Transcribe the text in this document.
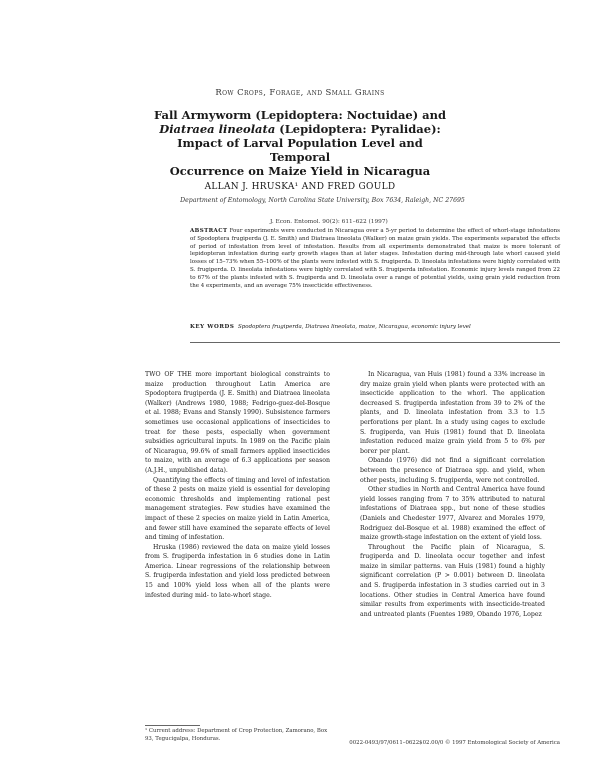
Row Crops, Forage, and Small Grains
Fall Armyworm (Lepidoptera: Noctuidae) and
Diatraea lineolata (Lepidoptera: Pyralidae):
Impact of Larval Population Level and Temporal
Occurrence on Maize Yield in Nicaragua
ALLAN J. HRUSKA¹ AND FRED GOULD
Department of Entomology, North Carolina State University, Box 7634, Raleigh, NC 27695
J. Econ. Entomol. 90(2): 611–622 (1997)
ABSTRACT Four experiments were conducted in Nicaragua over a 5-yr period to determine the effect of whorl-stage infestations of Spodoptera frugiperda (J. E. Smith) and Diatraea lineolata (Walker) on maize grain yields. The experiments separated the effects of period of infestation from level of infestation. Results from all experiments demonstrated that maize is more tolerant of lepidopteran infestation during early growth stages than at later stages. Infestation during mid-through late whorl caused yield losses of 15–73% when 55–100% of the plants were infested with S. frugiperda. D. lineolata infestations were highly correlated with S. frugiperda. D. lineolata infestations were highly correlated with S. frugiperda infestation. Economic injury levels ranged from 22 to 67% of the plants infested with S. frugiperda and D. lineolata over a range of potential yields, using grain yield reduction from the 4 experiments, and an average 75% insecticide effectiveness.
KEY WORDS Spodoptera frugiperda, Diatraea lineolata, maize, Nicaragua, economic injury level

TWO OF THE more important biological constraints to maize production throughout Latin America are Spodoptera frugiperda (J. E. Smith) and Diatraea lineolata (Walker) (Andrews 1980, 1988; Fedrigo-guez-del-Bosque et al. 1988; Evans and Stansly 1990). Subsistence farmers sometimes use occasional applications of insecticides to treat for these pests, especially when government subsidies agricultural inputs. In 1989 on the Pacific plain of Nicaragua, 99.6% of small farmers applied insecticides to maize, with an average of 6.3 applications per season (A.J.H., unpublished data).

Quantifying the effects of timing and level of infestation of these 2 pests on maize yield is essential for developing economic thresholds and implementing rational pest management strategies. Few studies have examined the impact of these 2 species on maize yield in Latin America, and fewer still have examined the separate effects of level and timing of infestation.

Hruska (1986) reviewed the data on maize yield losses from S. frugiperda infestation in 6 studies done in Latin America. Linear regressions of the relationship between S. frugiperda infestation and yield loss predicted between 15 and 100% yield loss when all of the plants were infested during mid- to late-whorl stage.

In Nicaragua, van Huis (1981) found a 33% increase in dry maize grain yield when plants were protected with an insecticide application to the whorl. The application decreased S. frugiperda infestation from 39 to 2% of the plants, and D. lineolata infestation from 3.3 to 1.5 perforations per plant. In a study using cages to exclude S. frugiperda, van Huis (1981) found that D. lineolata infestation reduced maize grain yield from 5 to 6% per borer per plant.

Obando (1976) did not find a significant correlation between the presence of Diatraea spp. and yield, when other pests, including S. frugiperda, were not controlled.

Other studies in North and Central America have found yield losses ranging from 7 to 35% attributed to natural infestations of Diatraea spp., but none of these studies (Daniels and Chedester 1977, Alvarez and Morales 1979, Rodriguez del-Bosque et al. 1988) examined the effect of maize growth-stage infestation on the extent of yield loss.

Throughout the Pacific plain of Nicaragua, S. frugiperda and D. lineolata occur together and infest maize in similar patterns. van Huis (1981) found a highly significant correlation (P > 0.001) between D. lineolata and S. frugiperda infestation in 3 studies carried out in 3 locations. Other studies in Central America have found similar results from experiments with insecticide-treated and untreated plants (Fuentes 1989, Obando 1976, Lopez

¹ Current address: Department of Crop Protection, Zamorano, Box 93, Tegucigalpa, Honduras.
0022-0493/97/0611–0622$02.00/0 © 1997 Entomological Society of America
